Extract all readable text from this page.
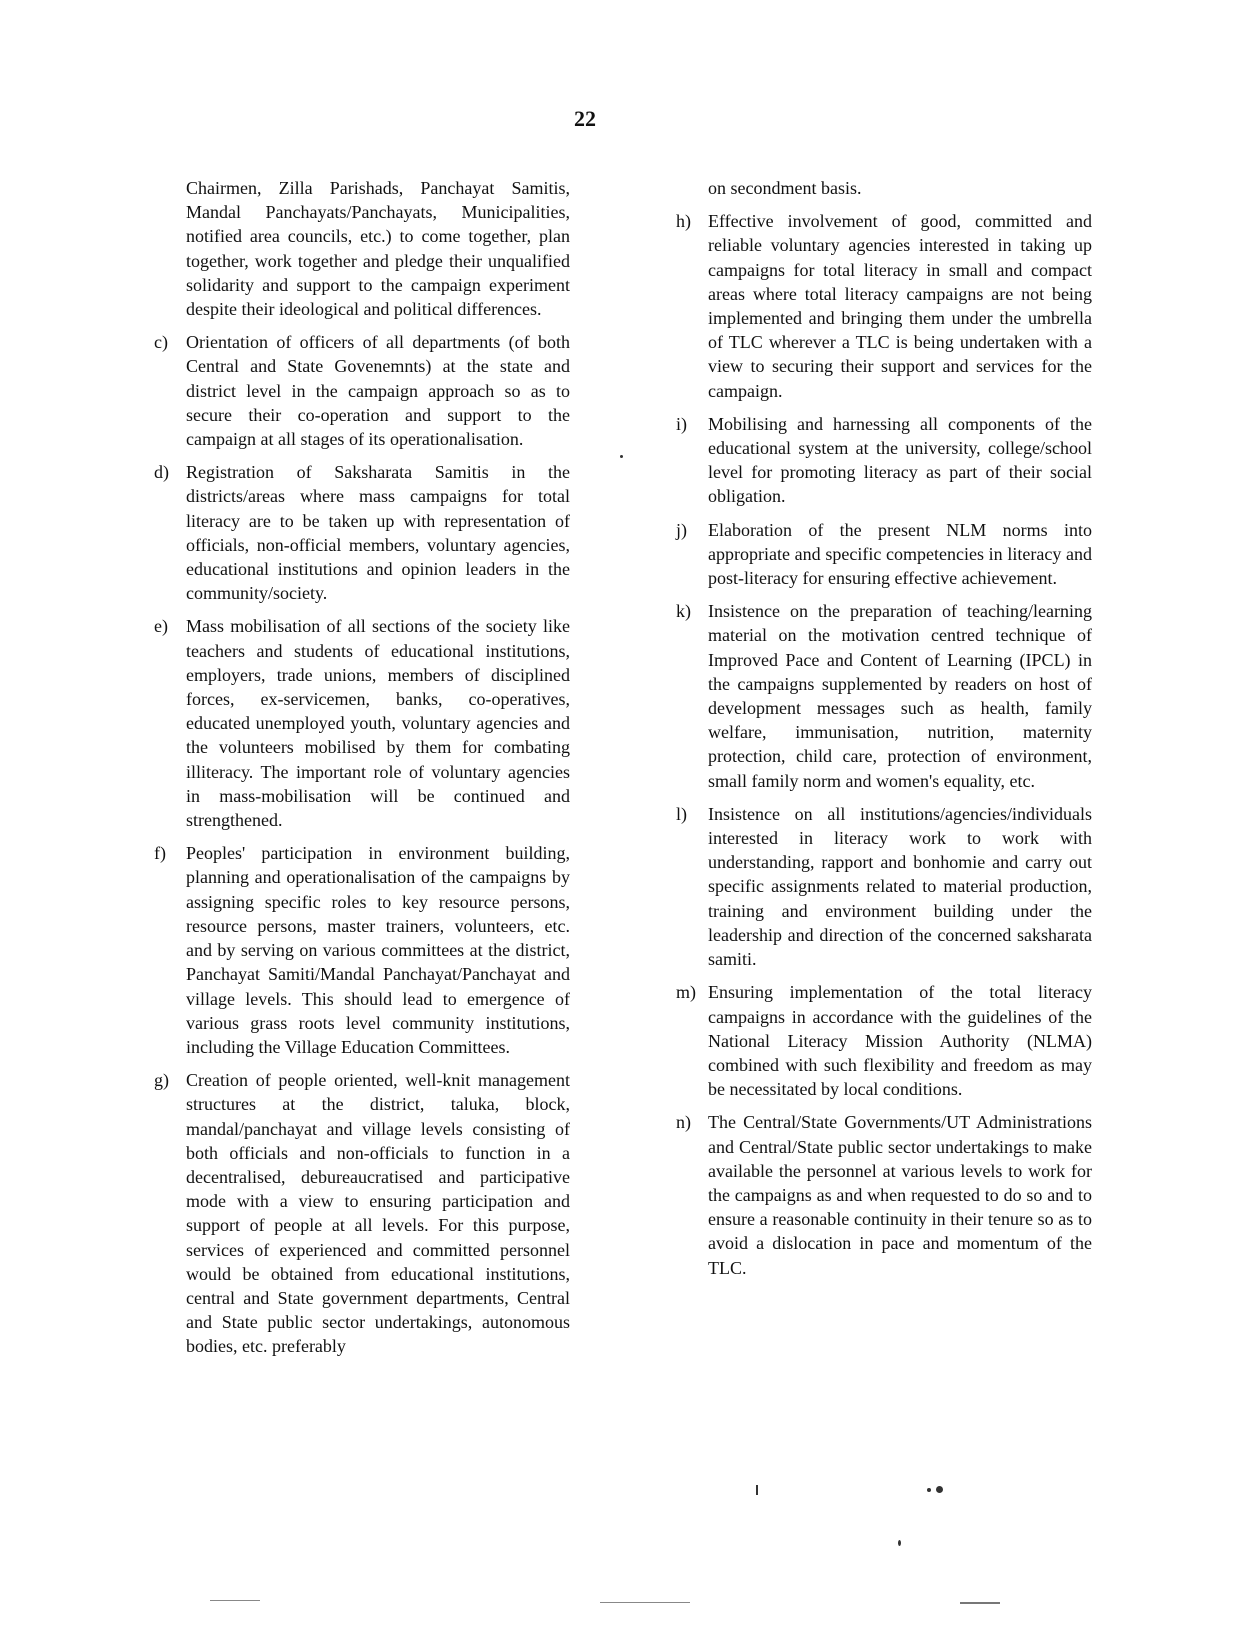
22

Chairmen, Zilla Parishads, Panchayat Samitis, Mandal Panchayats/Panchayats, Municipalities, notified area councils, etc.) to come together, plan together, work together and pledge their unqualified solidarity and support to the campaign experiment despite their ideological and political differences.

c)	Orientation of officers of all departments (of both Central and State Govenemnts) at the state and district level in the campaign approach so as to secure their co-operation and support to the campaign at all stages of its operationalisation.
d) Registration of Saksharata Samitis in the districts/areas where mass campaigns for total literacy are to be taken up with representation of officials, non-official members, voluntary agencies, educational institutions and opinion leaders in the community/society.
e)	Mass mobilisation of all sections of the society like teachers and students of educational institutions, employers, trade unions, members of disciplined forces, ex-servicemen, banks, co-operatives, educated unemployed youth, voluntary agencies and the volunteers mobilised by them for combating illiteracy. The important role of voluntary agencies in mass-mobilisation will be continued and strengthened.
f)	Peoples' participation in environment building, planning and operationalisation of the campaigns by assigning specific roles to key resource persons, resource persons, master trainers, volunteers, etc. and by serving on various committees at the district, Panchayat Samiti/Mandal Panchayat/Panchayat and village levels. This should lead to emergence of various grass roots level community institutions, including the Village Education Committees.
g) Creation of people oriented, well-knit management structures at the district, taluka, block, mandal/panchayat and village levels consisting of both officials and non-officials to function in a decentralised, debureaucratised and participative mode with a view to ensuring participation and support of people at all levels. For this purpose, services of experienced and committed personnel would be obtained from educational institutions, central and State government departments, Central and State public sector undertakings, autonomous bodies, etc. preferably

on secondment basis.

h) Effective involvement of good, committed and reliable voluntary agencies interested in taking up campaigns for total literacy in small and compact areas where total literacy campaigns are not being implemented and bringing them under the umbrella of TLC wherever a TLC is being undertaken with a view to securing their support and services for the campaign.
i)	Mobilising and harnessing all components of the educational system at the university, college/school level for promoting literacy as part of their social obligation.
j)	Elaboration of the present NLM norms into appropriate and specific competencies in literacy and post-literacy for ensuring effective achievement.
k) Insistence on the preparation of teaching/learning material on the motivation centred technique of Improved Pace and Content of Learning (IPCL) in the campaigns supplemented by readers on host of development messages such as health, family welfare, immunisation, nutrition, maternity protection, child care, protection of environment, small family norm and women's equality, etc.
l)	Insistence on all institutions/agencies/individuals interested in literacy work to work with understanding, rapport and bonhomie and carry out specific assignments related to material production, training and environment building under the leadership and direction of the concerned saksharata samiti.
m) Ensuring implementation of the total literacy campaigns in accordance with the guidelines of the National Literacy Mission Authority (NLMA) combined with such flexibility and freedom as may be necessitated by local conditions.
n) The Central/State Governments/UT Administrations and Central/State public sector undertakings to make available the personnel at various levels to work for the campaigns as and when requested to do so and to ensure a reasonable continuity in their tenure so as to avoid a dislocation in pace and momentum of the TLC.
